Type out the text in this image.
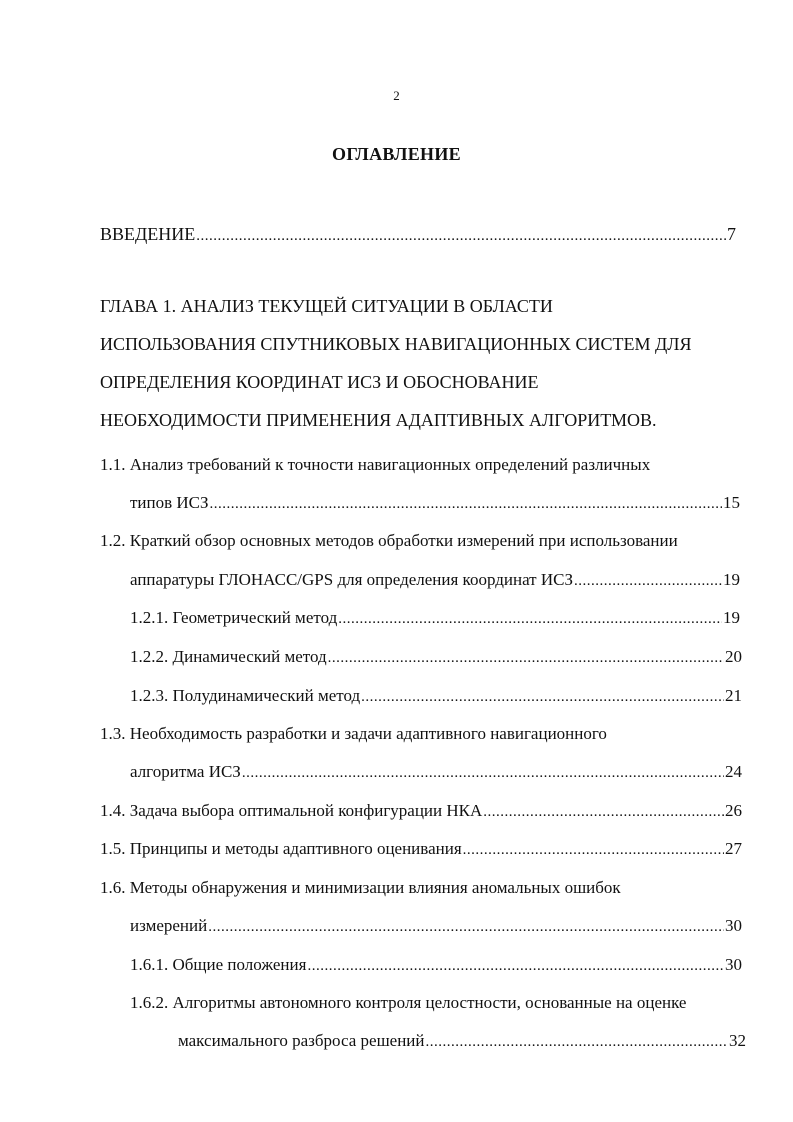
2
ОГЛАВЛЕНИЕ
ВВЕДЕНИЕ .....	7
ГЛАВА 1. АНАЛИЗ ТЕКУЩЕЙ СИТУАЦИИ В ОБЛАСТИ
ИСПОЛЬЗОВАНИЯ СПУТНИКОВЫХ НАВИГАЦИОННЫХ СИСТЕМ ДЛЯ
ОПРЕДЕЛЕНИЯ КООРДИНАТ ИСЗ И ОБОСНОВАНИЕ
НЕОБХОДИМОСТИ ПРИМЕНЕНИЯ АДАПТИВНЫХ АЛГОРИТМОВ.
1.1. Анализ требований к точности навигационных определений различных
типов ИСЗ .....	15
1.2. Краткий обзор основных методов обработки измерений при использовании
аппаратуры ГЛОНАСС/GPS для определения координат ИСЗ .....	19
1.2.1. Геометрический метод .....	19
1.2.2. Динамический метод .....	20
1.2.3. Полудинамический метод .....	21
1.3. Необходимость разработки и задачи адаптивного навигационного
алгоритма ИСЗ .....	24
1.4. Задача выбора оптимальной конфигурации НКА .....	26
1.5. Принципы и методы адаптивного оценивания .....	27
1.6. Методы обнаружения и минимизации влияния аномальных ошибок
измерений .....	30
1.6.1. Общие положения .....	30
1.6.2. Алгоритмы автономного контроля целостности, основанные на оценке
максимального разброса решений .....	32
